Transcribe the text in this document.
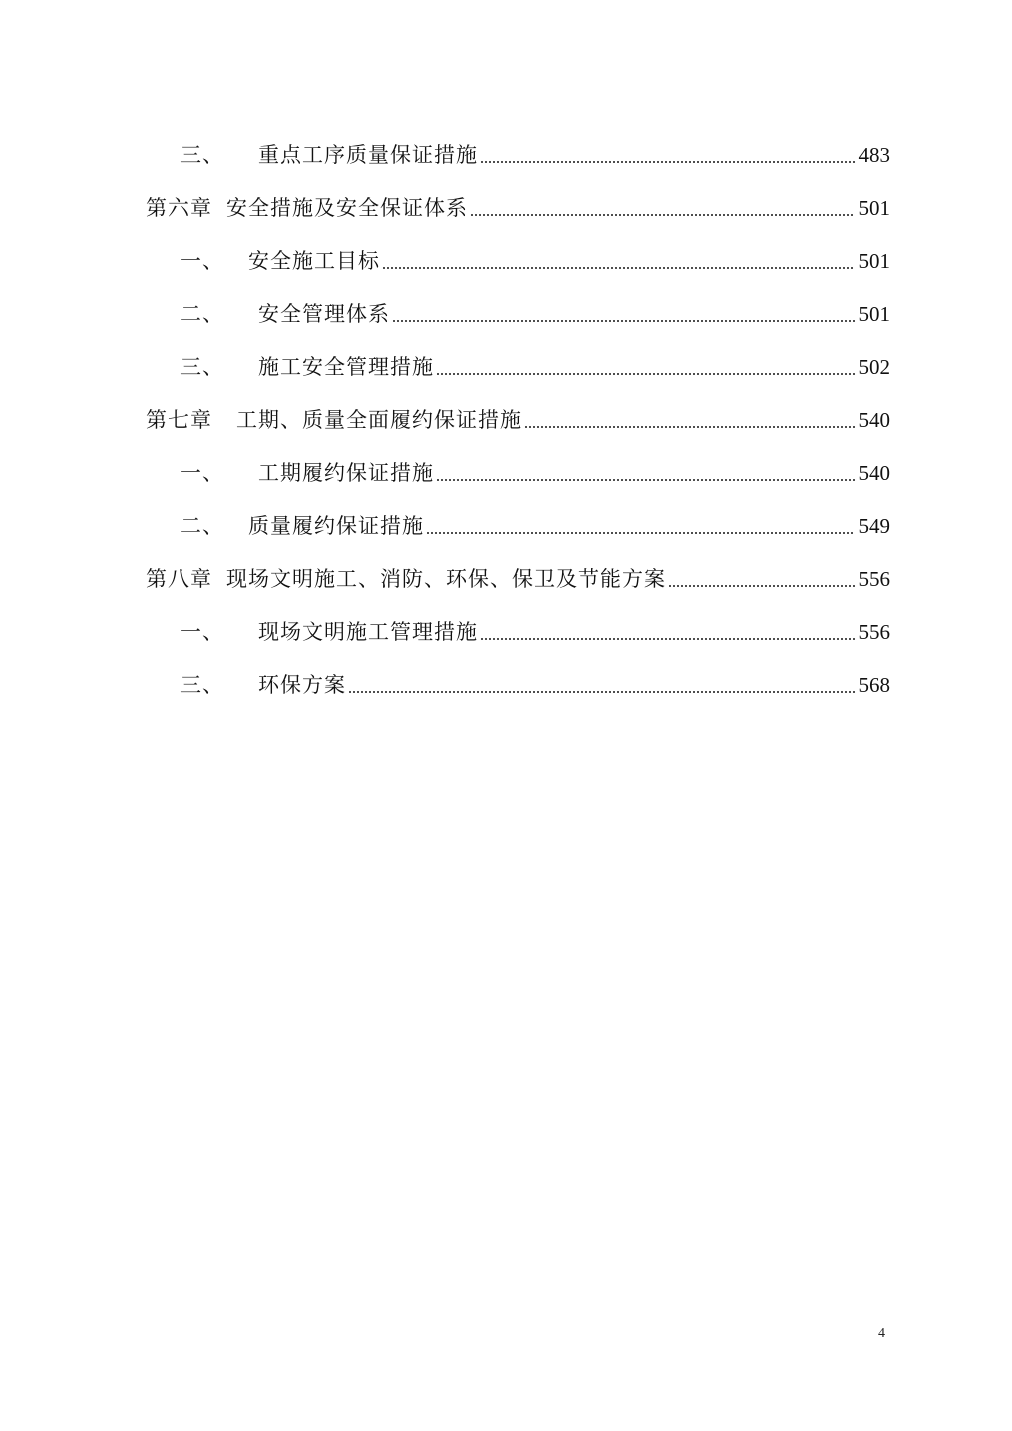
三、 重点工序质量保证措施	483
第六章 安全措施及安全保证体系	501
一、 安全施工目标	501
二、 安全管理体系	501
三、 施工安全管理措施	502
第七章 工期、质量全面履约保证措施	540
一、 工期履约保证措施	540
二、 质量履约保证措施	549
第八章 现场文明施工、消防、环保、保卫及节能方案	556
一、 现场文明施工管理措施	556
三、 环保方案	568
4
